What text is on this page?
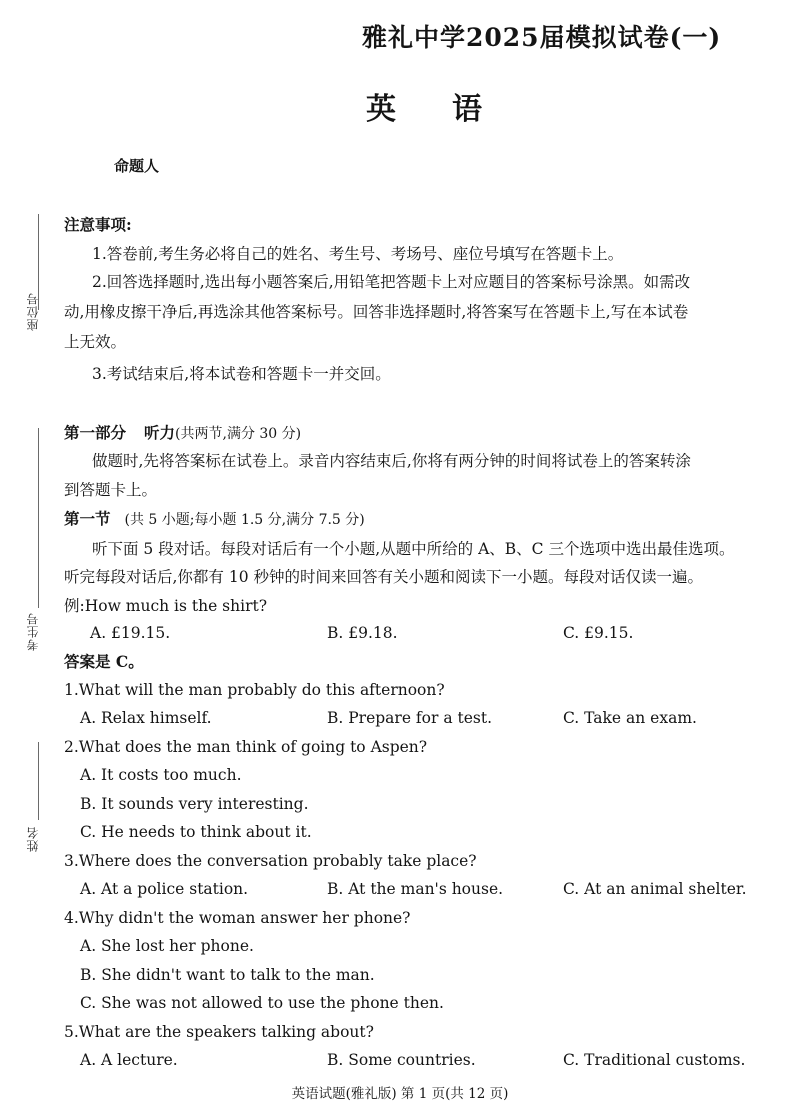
座位号
考生号
姓名
雅礼中学2025届模拟试卷(一)
英语
命题人
注意事项:
1.答卷前,考生务必将自己的姓名、考生号、考场号、座位号填写在答题卡上。
2.回答选择题时,选出每小题答案后,用铅笔把答题卡上对应题目的答案标号涂黑。如需改
动,用橡皮擦干净后,再选涂其他答案标号。回答非选择题时,将答案写在答题卡上,写在本试卷
上无效。
3.考试结束后,将本试卷和答题卡一并交回。
第一部分 听力(共两节,满分 30 分)
做题时,先将答案标在试卷上。录音内容结束后,你将有两分钟的时间将试卷上的答案转涂
到答题卡上。
第一节 (共 5 小题;每小题 1.5 分,满分 7.5 分)
听下面 5 段对话。每段对话后有一个小题,从题中所给的 A、B、C 三个选项中选出最佳选项。
听完每段对话后,你都有 10 秒钟的时间来回答有关小题和阅读下一小题。每段对话仅读一遍。
例:How much is the shirt?
A. £19.15.	B. £9.18.	C. £9.15.
答案是 C。
1.What will the man probably do this afternoon?
A. Relax himself.	B. Prepare for a test.	C. Take an exam.
2.What does the man think of going to Aspen?
A. It costs too much.
B. It sounds very interesting.
C. He needs to think about it.
3.Where does the conversation probably take place?
A. At a police station.	B. At the man's house.	C. At an animal shelter.
4.Why didn't the woman answer her phone?
A. She lost her phone.
B. She didn't want to talk to the man.
C. She was not allowed to use the phone then.
5.What are the speakers talking about?
A. A lecture.	B. Some countries.	C. Traditional customs.
英语试题(雅礼版) 第 1 页(共 12 页)
